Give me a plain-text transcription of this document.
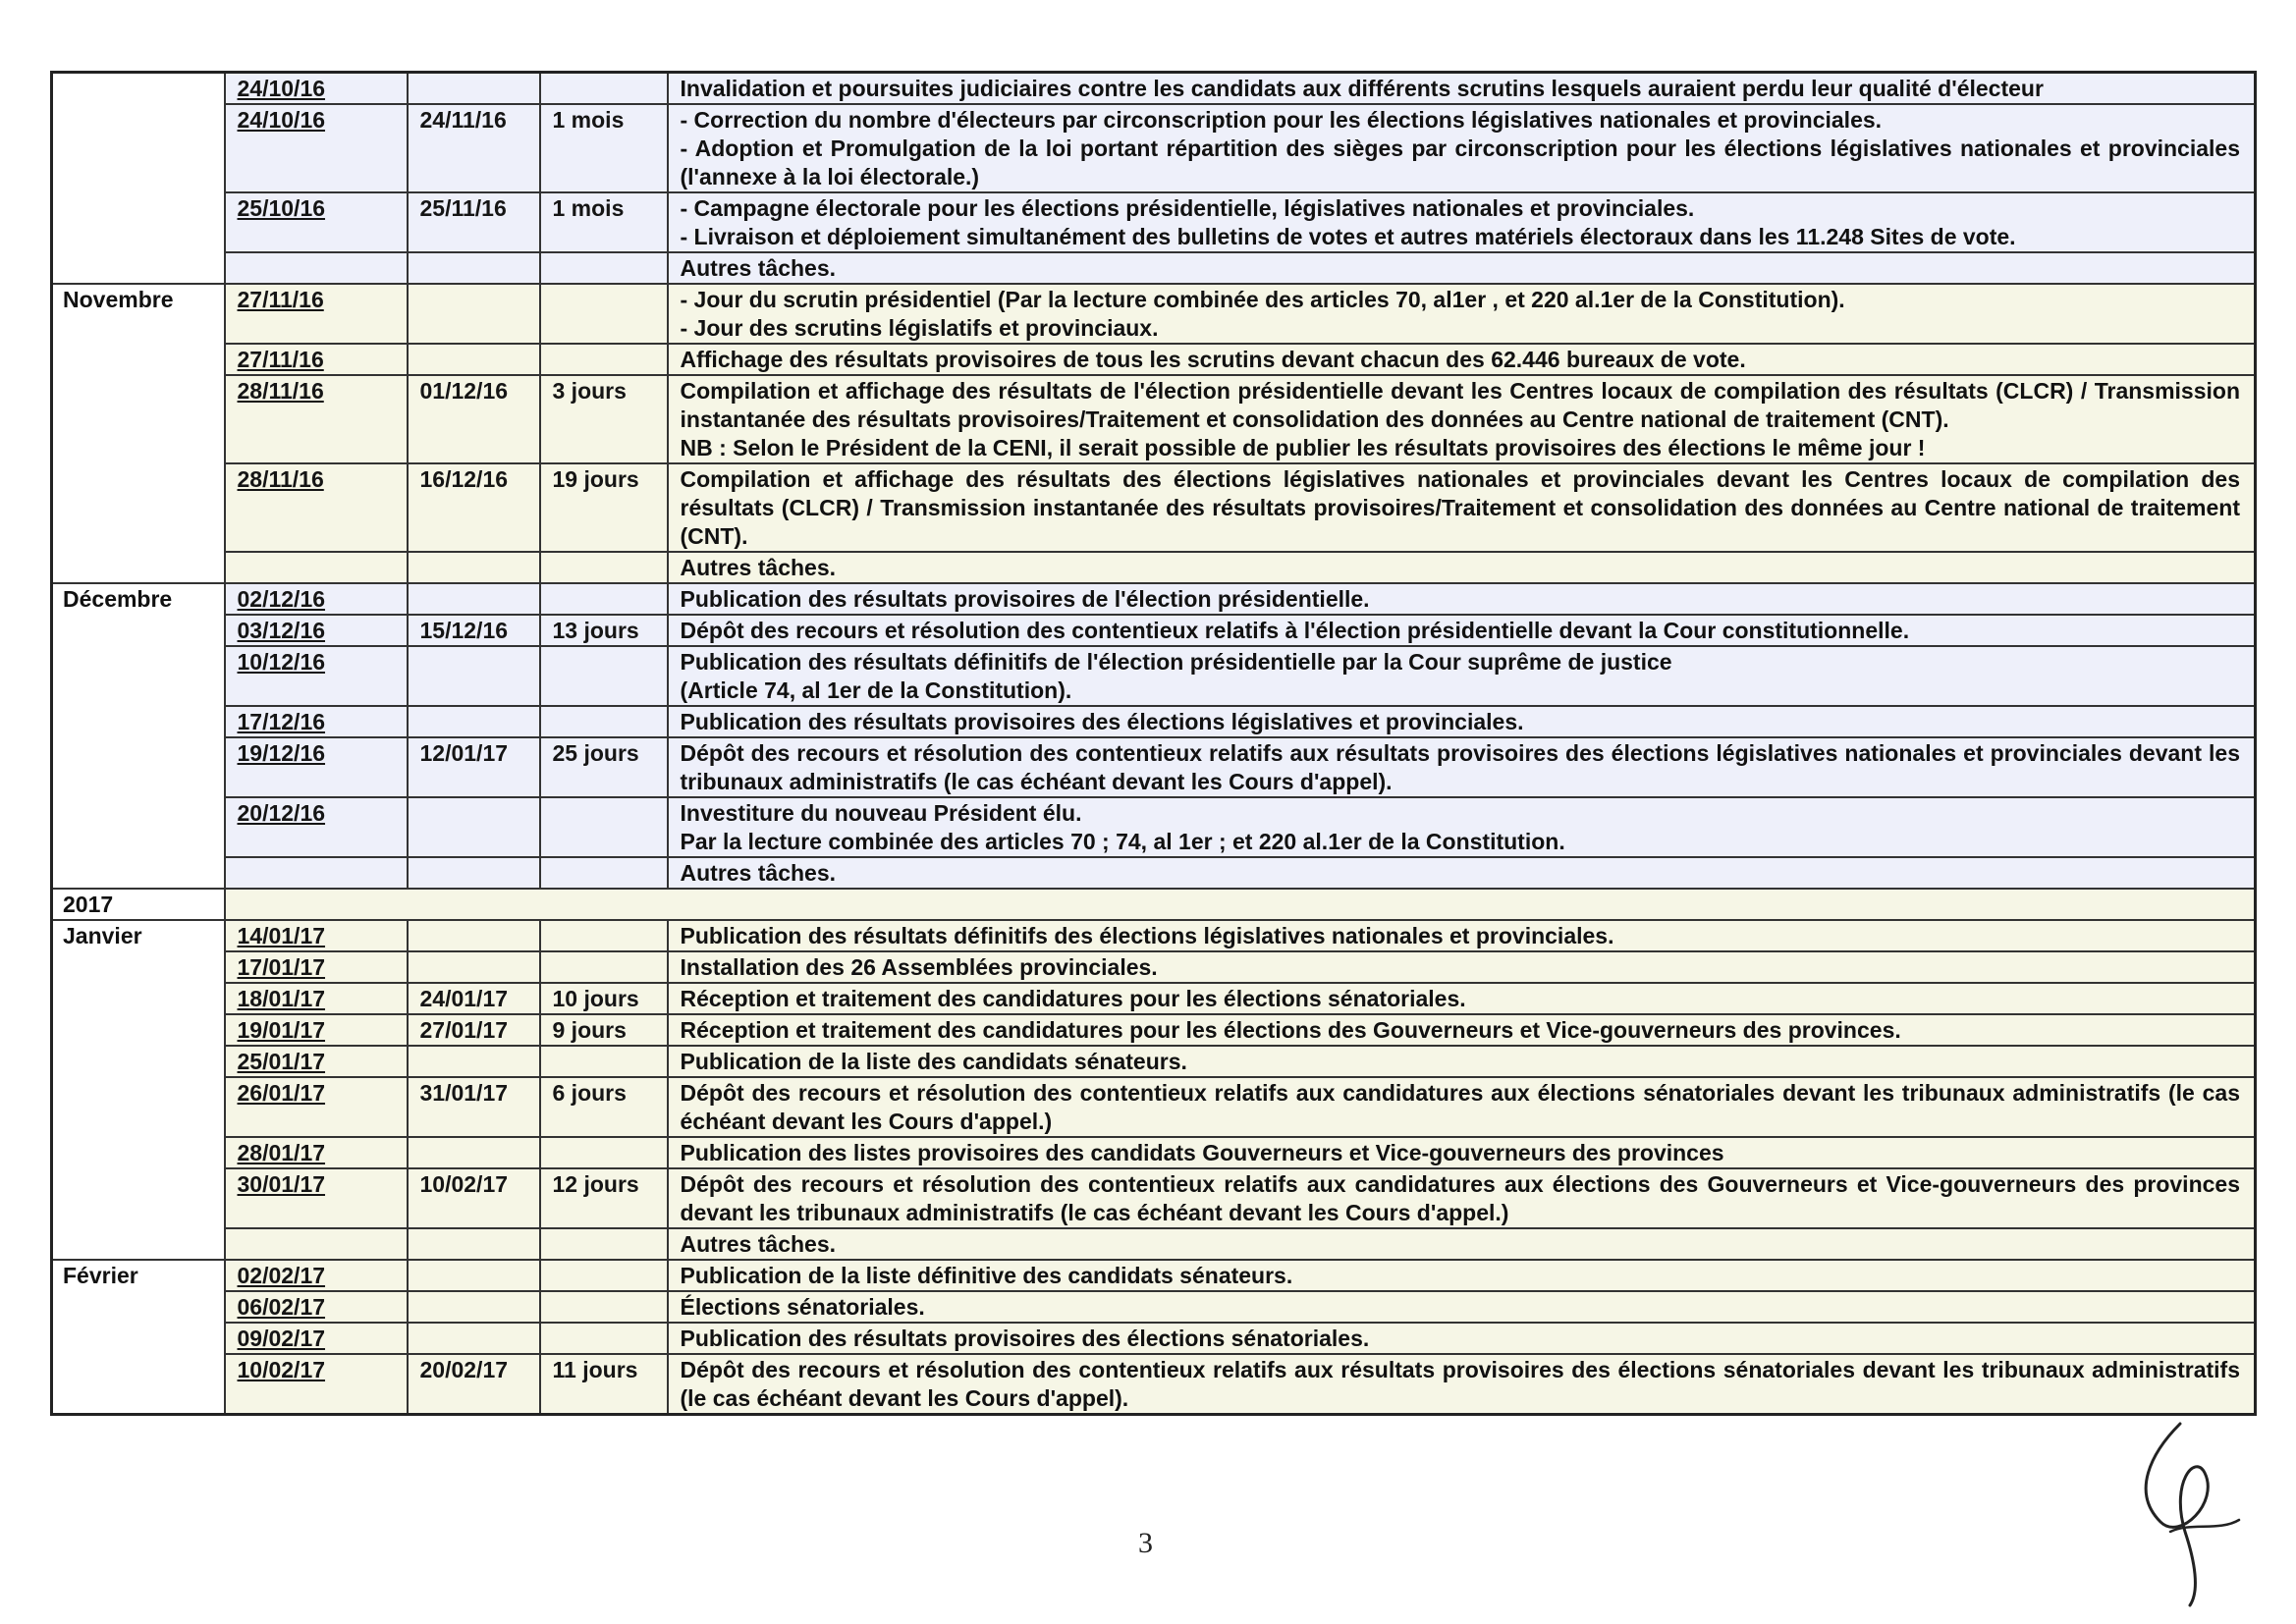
	24/10/16			Invalidation et poursuites judiciaires contre les candidats aux différents scrutins lesquels auraient perdu leur qualité d'électeur
	24/10/16	24/11/16	1 mois	- Correction du nombre d'électeurs par circonscription pour les élections législatives nationales et provinciales.
- Adoption et Promulgation de la loi portant répartition des sièges par circonscription pour les élections législatives nationales et provinciales (l'annexe à la loi électorale.)
	25/10/16	25/11/16	1 mois	- Campagne électorale pour les élections présidentielle, législatives nationales et provinciales.
- Livraison et déploiement simultanément des bulletins de votes et autres matériels électoraux dans les 11.248 Sites de vote.
				Autres tâches.
Novembre	27/11/16			- Jour du scrutin présidentiel (Par la lecture combinée des articles 70, al1er , et 220 al.1er de la Constitution).
- Jour des scrutins législatifs et provinciaux.
	27/11/16			Affichage des résultats provisoires de tous les scrutins devant chacun des 62.446 bureaux de vote.
	28/11/16	01/12/16	3 jours	Compilation et affichage des résultats de l'élection présidentielle devant les Centres locaux de compilation des résultats (CLCR) / Transmission instantanée des résultats provisoires/Traitement et consolidation des données au Centre national de traitement (CNT).
NB : Selon le Président de la CENI, il serait possible de publier les résultats provisoires des élections le même jour !
	28/11/16	16/12/16	19 jours	Compilation et affichage des résultats des élections législatives nationales et provinciales devant les Centres locaux de compilation des résultats (CLCR) / Transmission instantanée des résultats provisoires/Traitement et consolidation des données au Centre national de traitement (CNT).
				Autres tâches.
Décembre	02/12/16			Publication des résultats provisoires de l'élection présidentielle.
	03/12/16	15/12/16	13 jours	Dépôt des recours et résolution des contentieux relatifs à l'élection présidentielle devant la Cour constitutionnelle.
	10/12/16			Publication des résultats définitifs de l'élection présidentielle par la Cour suprême de justice
(Article 74, al 1er de la Constitution).
	17/12/16			Publication des résultats provisoires des élections législatives et provinciales.
	19/12/16	12/01/17	25 jours	Dépôt des recours et résolution des contentieux relatifs aux résultats provisoires des élections législatives nationales et provinciales devant les tribunaux administratifs (le cas échéant devant les Cours d'appel).
	20/12/16			Investiture du nouveau Président élu.
Par la lecture combinée des articles 70 ; 74, al 1er ; et 220 al.1er de la Constitution.
				Autres tâches.
2017				
Janvier	14/01/17			Publication des résultats définitifs des élections législatives nationales et provinciales.
	17/01/17			Installation des 26 Assemblées provinciales.
	18/01/17	24/01/17	10 jours	Réception et traitement des candidatures pour les élections sénatoriales.
	19/01/17	27/01/17	9 jours	Réception et traitement des candidatures pour les élections des Gouverneurs et Vice-gouverneurs des provinces.
	25/01/17			Publication de la liste des candidats sénateurs.
	26/01/17	31/01/17	6 jours	Dépôt des recours et résolution des contentieux relatifs aux candidatures aux élections sénatoriales devant les tribunaux administratifs (le cas échéant devant les Cours d'appel.)
	28/01/17			Publication des listes provisoires des candidats Gouverneurs et Vice-gouverneurs des provinces
	30/01/17	10/02/17	12 jours	Dépôt des recours et résolution des contentieux relatifs aux candidatures aux élections des Gouverneurs et Vice-gouverneurs des provinces devant les tribunaux administratifs (le cas échéant devant les Cours d'appel.)
				Autres tâches.
Février	02/02/17			Publication de la liste définitive des candidats sénateurs.
	06/02/17			Élections sénatoriales.
	09/02/17			Publication des résultats provisoires des élections sénatoriales.
	10/02/17	20/02/17	11 jours	Dépôt des recours et résolution des contentieux relatifs aux résultats provisoires des élections sénatoriales devant les tribunaux administratifs (le cas échéant devant les Cours d'appel).
3
